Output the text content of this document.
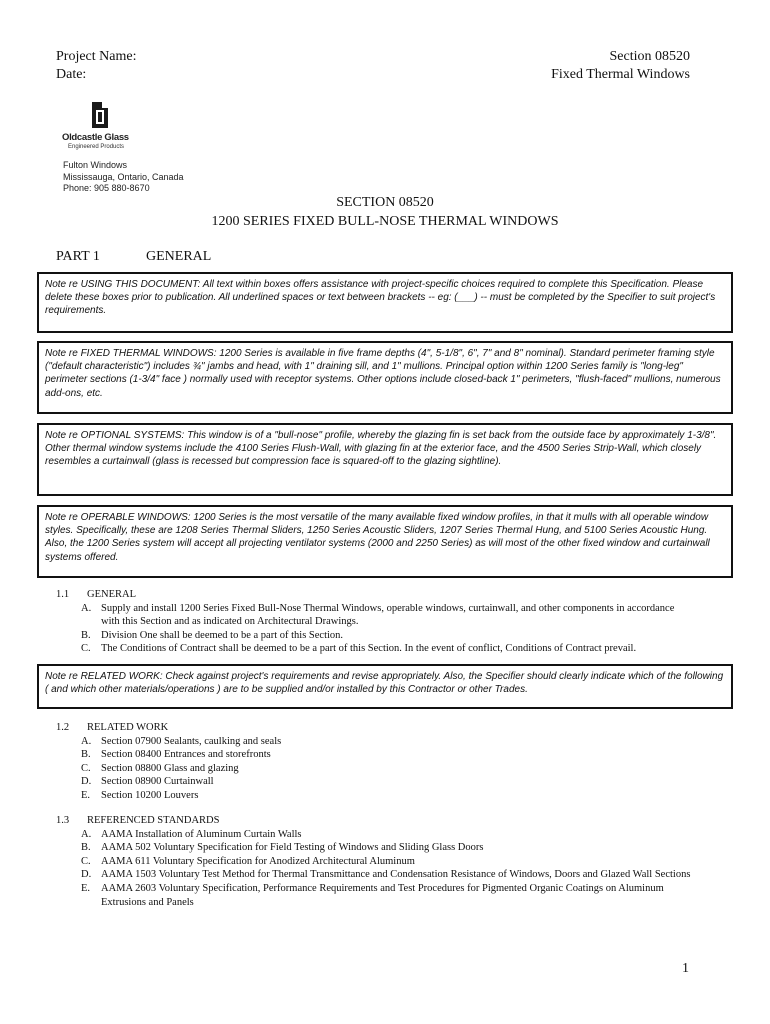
Project Name:
Date:
Section 08520
Fixed Thermal Windows
Oldcastle Glass
Engineered Products
Fulton Windows
Mississauga, Ontario, Canada
Phone: 905 880-8670
SECTION 08520
1200 SERIES FIXED BULL-NOSE THERMAL WINDOWS
PART 1	GENERAL
Note re USING THIS DOCUMENT: All text within boxes offers assistance with project-specific choices required to complete this Specification. Please delete these boxes prior to publication. All underlined spaces or text between brackets -- eg: (___) -- must be completed by the Specifier to suit project's requirements.
Note re FIXED THERMAL WINDOWS: 1200 Series is available in five frame depths (4", 5-1/8", 6", 7" and 8" nominal). Standard perimeter framing style ("default characteristic") includes ¾" jambs and head, with 1" draining sill, and 1" mullions. Principal option within 1200 Series family is "long-leg" perimeter sections (1-3/4" face ) normally used with receptor systems. Other options include closed-back 1" perimeters, "flush-faced" mullions, numerous add-ons, etc.
Note re OPTIONAL SYSTEMS: This window is of a "bull-nose" profile, whereby the glazing fin is set back from the outside face by approximately 1-3/8". Other thermal window systems include the 4100 Series Flush-Wall, with glazing fin at the exterior face, and the 4500 Series Strip-Wall, which closely resembles a curtainwall (glass is recessed but compression face is squared-off to the glazing sightline).
Note re OPERABLE WINDOWS: 1200 Series is the most versatile of the many available fixed window profiles, in that it mulls with all operable window styles. Specifically, these are 1208 Series Thermal Sliders, 1250 Series Acoustic Sliders, 1207 Series Thermal Hung, and 5100 Series Acoustic Hung. Also, the 1200 Series system will accept all projecting ventilator systems (2000 and 2250 Series) as will most of the other fixed window and curtainwall systems offered.
1.1	GENERAL
A. Supply and install 1200 Series Fixed Bull-Nose Thermal Windows, operable windows, curtainwall, and other components in accordance with this Section and as indicated on Architectural Drawings.
B. Division One shall be deemed to be a part of this Section.
C. The Conditions of Contract shall be deemed to be a part of this Section. In the event of conflict, Conditions of Contract prevail.
Note re RELATED WORK: Check against project's requirements and revise appropriately. Also, the Specifier should clearly indicate which of the following ( and which other materials/operations ) are to be supplied and/or installed by this Contractor or other Trades.
1.2	RELATED WORK
A. Section 07900 Sealants, caulking and seals
B. Section 08400 Entrances and storefronts
C. Section 08800 Glass and glazing
D. Section 08900 Curtainwall
E.	Section 10200 Louvers
1.3	REFERENCED STANDARDS
A. AAMA Installation of Aluminum Curtain Walls
B. AAMA 502 Voluntary Specification for Field Testing of Windows and Sliding Glass Doors
C. AAMA 611 Voluntary Specification for Anodized Architectural Aluminum
D. AAMA 1503 Voluntary Test Method for Thermal Transmittance and Condensation Resistance of Windows, Doors and Glazed Wall Sections
E.	AAMA 2603 Voluntary Specification, Performance Requirements and Test Procedures for Pigmented Organic Coatings on Aluminum Extrusions and Panels
1
